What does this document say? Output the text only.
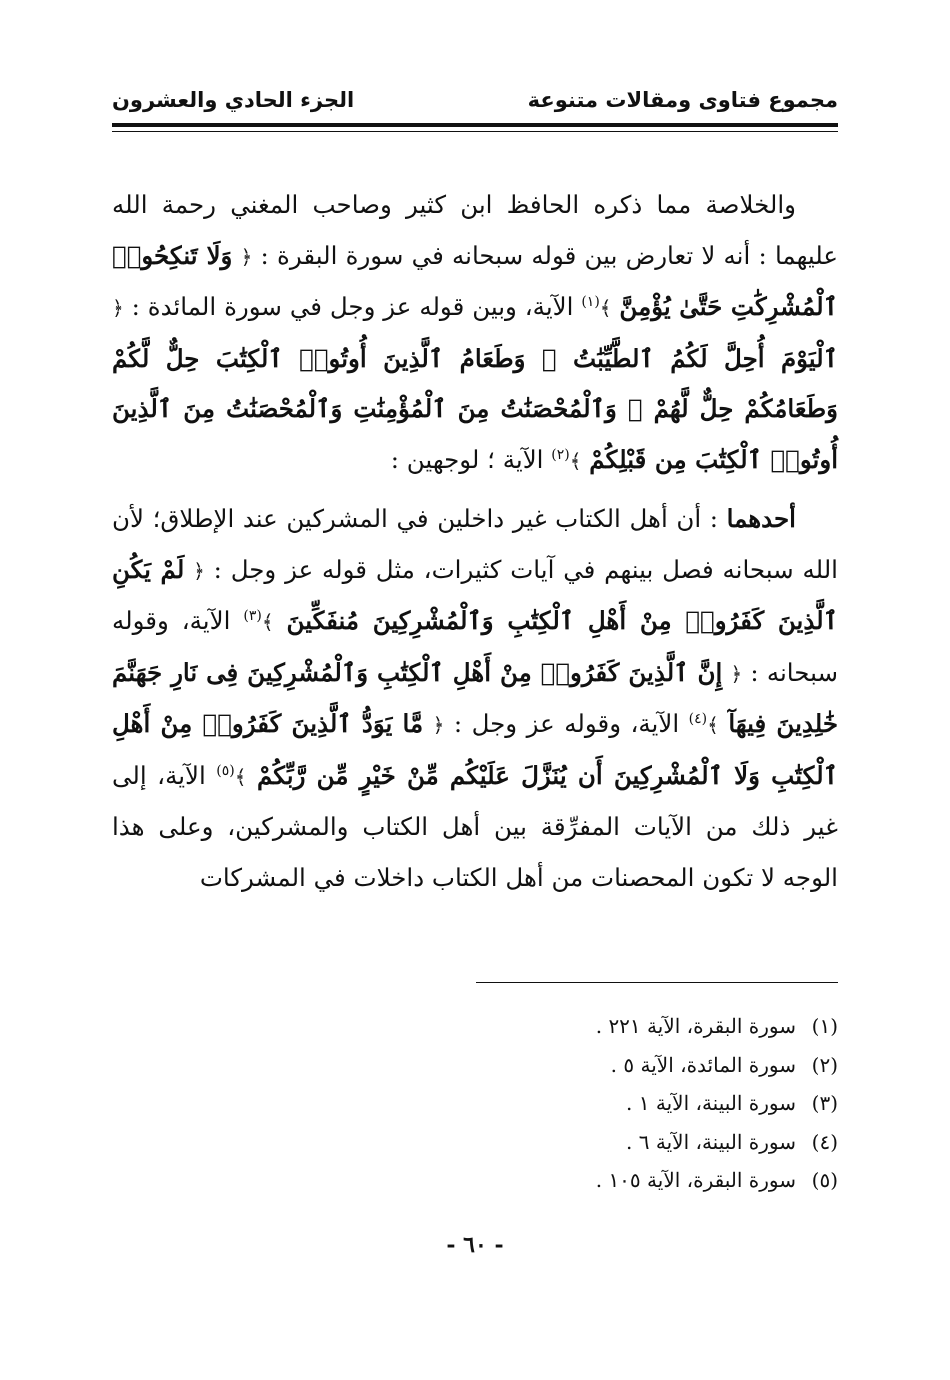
مجموع فتاوى ومقالات متنوعة
الجزء الحادي والعشرون

والخلاصة مما ذكره الحافظ ابن كثير وصاحب المغني رحمة الله عليهما : أنه لا تعارض بين قوله سبحانه في سورة البقرة : ﴿ وَلَا تَنكِحُوا۟ ٱلْمُشْرِكَٰتِ حَتَّىٰ يُؤْمِنَّ ﴾$^{(١)}$ الآية، وبين قوله عز وجل في سورة المائدة : ﴿ ٱلْيَوْمَ أُحِلَّ لَكُمُ ٱلطَّيِّبَٰتُ ۖ وَطَعَامُ ٱلَّذِينَ أُوتُوا۟ ٱلْكِتَٰبَ حِلٌّ لَّكُمْ وَطَعَامُكُمْ حِلٌّ لَّهُمْ ۖ وَٱلْمُحْصَنَٰتُ مِنَ ٱلْمُؤْمِنَٰتِ وَٱلْمُحْصَنَٰتُ مِنَ ٱلَّذِينَ أُوتُوا۟ ٱلْكِتَٰبَ مِن قَبْلِكُمْ ﴾$^{(٢)}$ الآية ؛ لوجهين :

أحدهما : أن أهل الكتاب غير داخلين في المشركين عند الإطلاق؛ لأن الله سبحانه فصل بينهم في آيات كثيرات، مثل قوله عز وجل : ﴿ لَمْ يَكُنِ ٱلَّذِينَ كَفَرُوا۟ مِنْ أَهْلِ ٱلْكِتَٰبِ وَٱلْمُشْرِكِينَ مُنفَكِّينَ ﴾$^{(٣)}$ الآية، وقوله سبحانه : ﴿ إِنَّ ٱلَّذِينَ كَفَرُوا۟ مِنْ أَهْلِ ٱلْكِتَٰبِ وَٱلْمُشْرِكِينَ فِى نَارِ جَهَنَّمَ خَٰلِدِينَ فِيهَآ ﴾$^{(٤)}$ الآية، وقوله عز وجل : ﴿ مَّا يَوَدُّ ٱلَّذِينَ كَفَرُوا۟ مِنْ أَهْلِ ٱلْكِتَٰبِ وَلَا ٱلْمُشْرِكِينَ أَن يُنَزَّلَ عَلَيْكُم مِّنْ خَيْرٍ مِّن رَّبِّكُمْ ﴾$^{(٥)}$ الآية، إلى غير ذلك من الآيات المفرِّقة بين أهل الكتاب والمشركين، وعلى هذا الوجه لا تكون المحصنات من أهل الكتاب داخلات في المشركات

(١)سورة البقرة، الآية ٢٢١ .
(٢)سورة المائدة، الآية ٥ .
(٣)سورة البينة، الآية ١ .
(٤)سورة البينة، الآية ٦ .
(٥)سورة البقرة، الآية ١٠٥ .
- ٦٠ -
